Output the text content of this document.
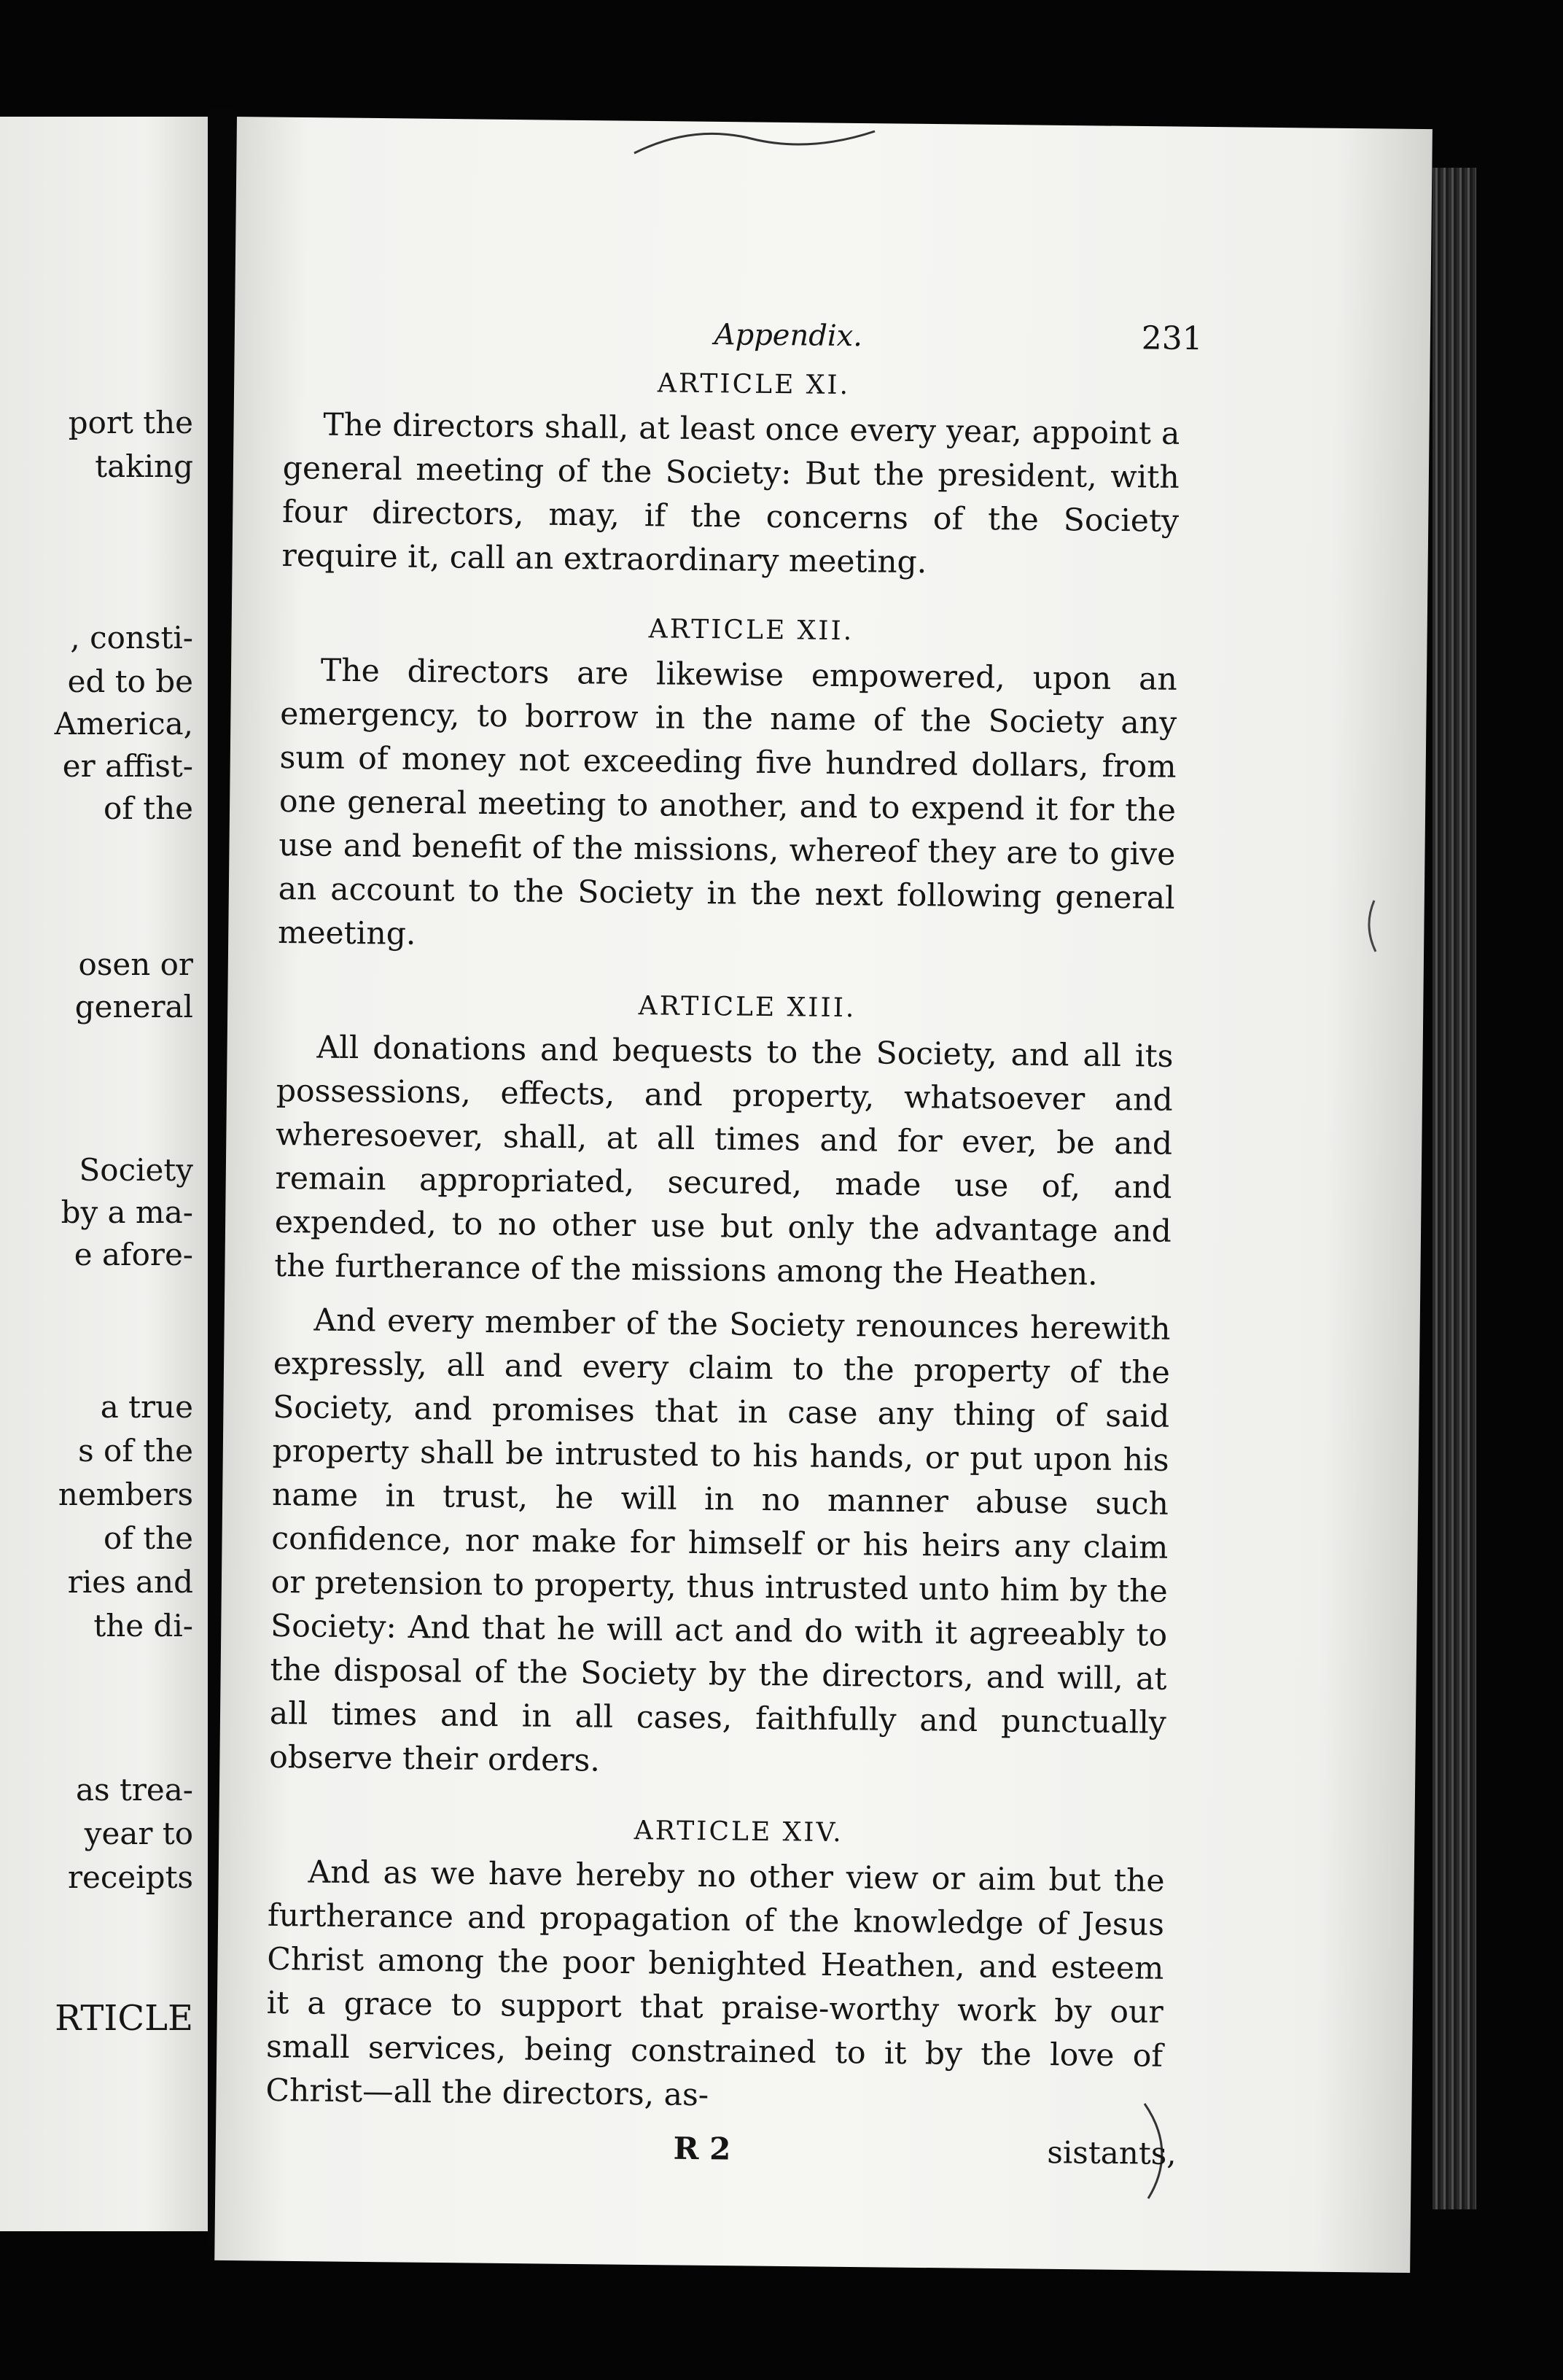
port the
taking
, consti-
ed to be
America,
er affist-
of the
osen or
general
Society
by a ma-
e afore-
a true
s of the
nembers
of the
ries and
the di-
as trea-
year to
receipts
RTICLE
Appendix.	231
ARTICLE XI.

The directors shall, at least once every year, appoint a general meeting of the Society: But the president, with four directors, may, if the concerns of the Society require it, call an extraordinary meeting.

ARTICLE XII.

The directors are likewise empowered, upon an emergency, to borrow in the name of the Society any sum of money not exceeding five hundred dollars, from one general meeting to another, and to expend it for the use and benefit of the missions, whereof they are to give an account to the Society in the next following general meeting.

ARTICLE XIII.

All donations and bequests to the Society, and all its possessions, effects, and property, whatsoever and wheresoever, shall, at all times and for ever, be and remain appropriated, secured, made use of, and expended, to no other use but only the advantage and the furtherance of the missions among the Heathen.

And every member of the Society renounces herewith expressly, all and every claim to the property of the Society, and promises that in case any thing of said property shall be intrusted to his hands, or put upon his name in trust, he will in no manner abuse such confidence, nor make for himself or his heirs any claim or pretension to property, thus intrusted unto him by the Society: And that he will act and do with it agreeably to the disposal of the Society by the directors, and will, at all times and in all cases, faithfully and punctually observe their orders.

ARTICLE XIV.

And as we have hereby no other view or aim but the furtherance and propagation of the knowledge of Jesus Christ among the poor benighted Heathen, and esteem it a grace to support that praise-worthy work by our small services, being constrained to it by the love of Christ—all the directors, as-

R 2	sistants,
